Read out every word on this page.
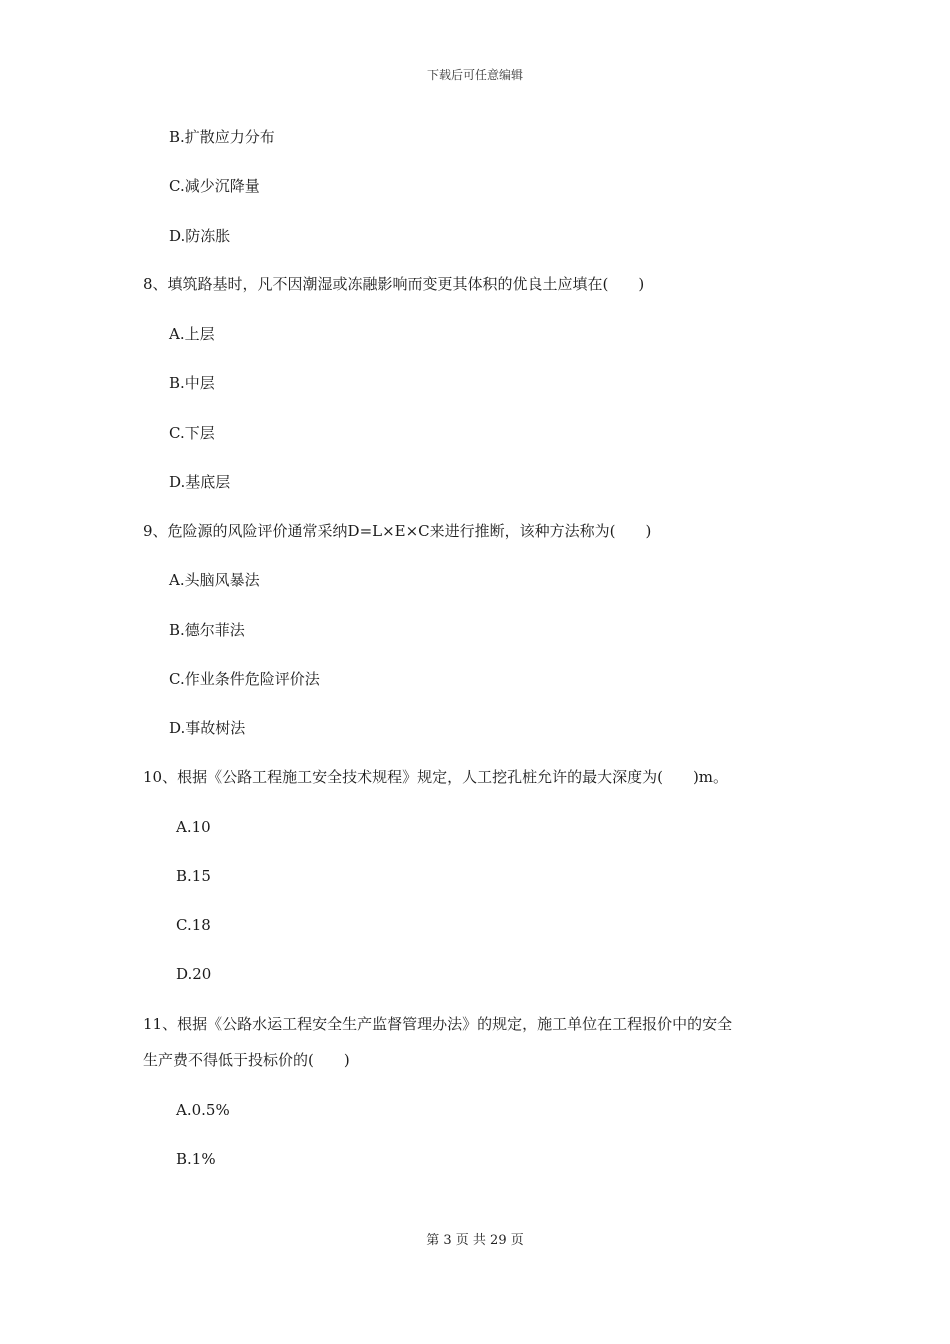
下载后可任意编辑
B.扩散应力分布
C.减少沉降量
D.防冻胀
8、填筑路基时，凡不因潮湿或冻融影响而变更其体积的优良土应填在(　　)
A.上层
B.中层
C.下层
D.基底层
9、危险源的风险评价通常采纳D=L×E×C来进行推断，该种方法称为(　　)
A.头脑风暴法
B.德尔菲法
C.作业条件危险评价法
D.事故树法
10、根据《公路工程施工安全技术规程》规定，人工挖孔桩允许的最大深度为(　　)m。
A.10
B.15
C.18
D.20
11、根据《公路水运工程安全生产监督管理办法》的规定，施工单位在工程报价中的安全
生产费不得低于投标价的(　　)
A.0.5%
B.1%
第 3 页 共 29 页
